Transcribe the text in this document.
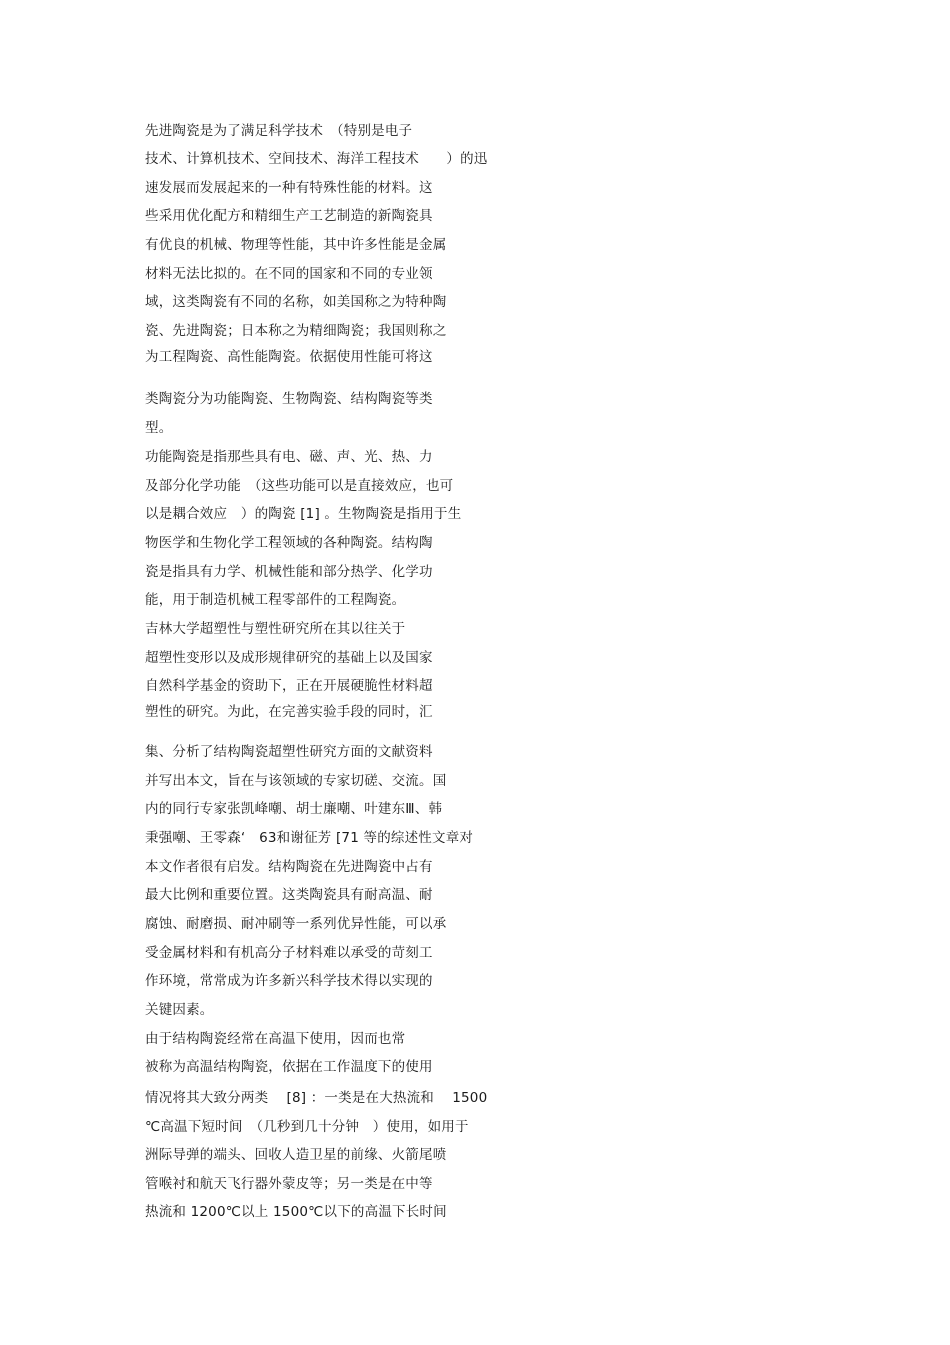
先进陶瓷是为了满足科学技术　（特别是电子
技术、计算机技术、空间技术、海洋工程技术　　）的迅
速发展而发展起来的一种有特殊性能的材料。这
些采用优化配方和精细生产工艺制造的新陶瓷具
有优良的机械、物理等性能，其中许多性能是金属
材料无法比拟的。在不同的国家和不同的专业领
域，这类陶瓷有不同的名称，如美国称之为特种陶
瓷、先进陶瓷；日本称之为精细陶瓷；我国则称之
为工程陶瓷、高性能陶瓷。依据使用性能可将这
类陶瓷分为功能陶瓷、生物陶瓷、结构陶瓷等类
型。
功能陶瓷是指那些具有电、磁、声、光、热、力
及部分化学功能　（这些功能可以是直接效应，也可
以是耦合效应　）的陶瓷 [1] 。生物陶瓷是指用于生
物医学和生物化学工程领域的各种陶瓷。结构陶
瓷是指具有力学、机械性能和部分热学、化学功
能，用于制造机械工程零部件的工程陶瓷。
吉林大学超塑性与塑性研究所在其以往关于
超塑性变形以及成形规律研究的基础上以及国家
自然科学基金的资助下，正在开展硬脆性材料超
塑性的研究。为此，在完善实验手段的同时，汇
集、分析了结构陶瓷超塑性研究方面的文献资料
并写出本文，旨在与该领域的专家切磋、交流。国
内的同行专家张凯峰嘲、胡士廉嘲、叶建东Ⅲ、韩
秉强嘲、王零森‘　63和谢征芳 [71 等的综述性文章对
本文作者很有启发。结构陶瓷在先进陶瓷中占有
最大比例和重要位置。这类陶瓷具有耐高温、耐
腐蚀、耐磨损、耐冲刷等一系列优异性能，可以承
受金属材料和有机高分子材料难以承受的苛刻工
作环境，常常成为许多新兴科学技术得以实现的
关键因素。
由于结构陶瓷经常在高温下使用，因而也常
被称为高温结构陶瓷，依据在工作温度下的使用
情况将其大致分两类　 [8] ：一类是在大热流和　 1500
℃高温下短时间　（几秒到几十分钟　）使用，如用于
洲际导弹的端头、回收人造卫星的前缘、火箭尾喷
管喉衬和航天飞行器外蒙皮等；另一类是在中等
热流和 1200℃以上 1500℃以下的高温下长时间
